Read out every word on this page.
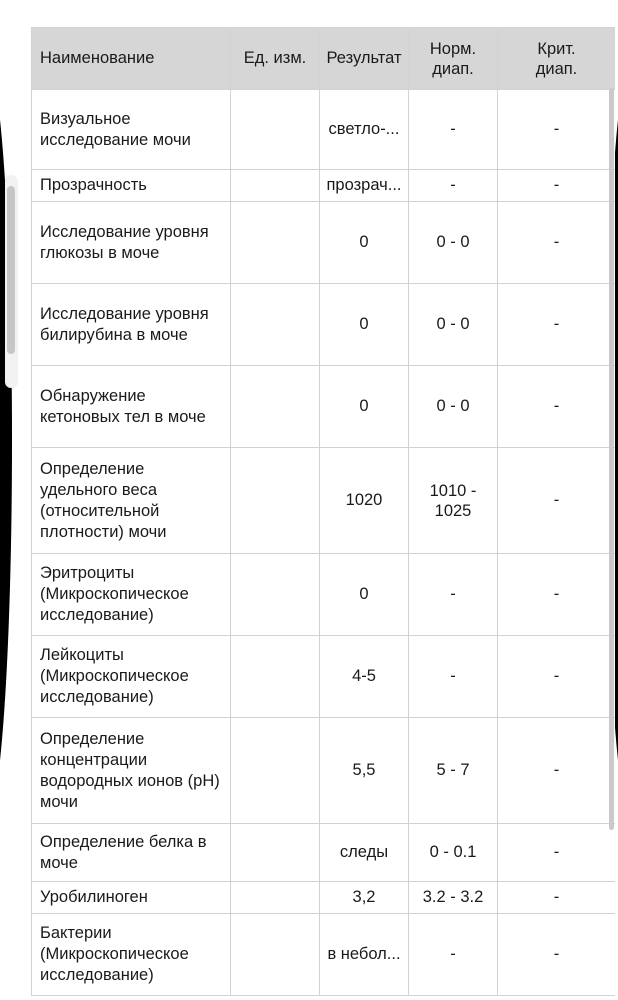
Наименование	Ед. изм.	Результат	Норм. диап.	Крит. диап.

Визуальное исследование мочи		светло-...	-	-
Прозрачность		прозрач...	-	-
Исследование уровня глюкозы в моче		0	0 - 0	-
Исследование уровня билирубина в моче		0	0 - 0	-
Обнаружение кетоновых тел в моче		0	0 - 0	-
Определение удельного веса (относительной плотности) мочи		1020	1010 - 1025	-
Эритроциты (Микроскопическое исследование)		0	-	-
Лейкоциты (Микроскопическое исследование)		4-5	-	-
Определение концентрации водородных ионов (pH) мочи		5,5	5 - 7	-
Определение белка в моче		следы	0 - 0.1	-
Уробилиноген		3,2	3.2 - 3.2	-
Бактерии (Микроскопическое исследование)		в небол...	-	-
